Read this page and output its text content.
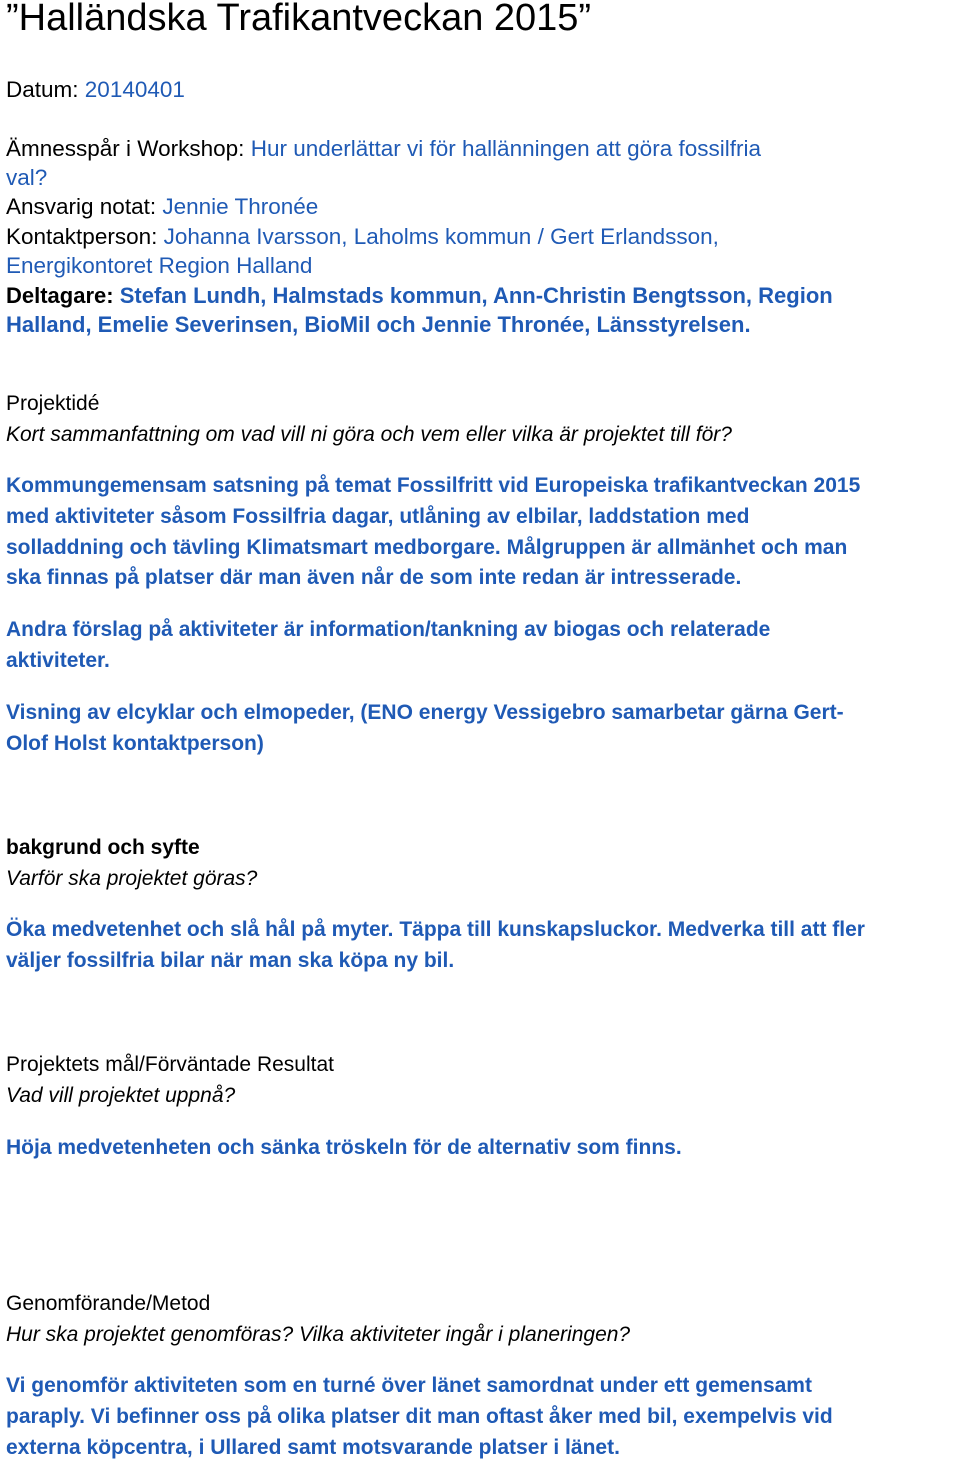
”Halländska Trafikantveckan 2015”
Datum: 20140401
Ämnesspår i Workshop: Hur underlättar vi för hallänningen att göra fossilfria
val?
Ansvarig notat: Jennie Thronée
Kontaktperson: Johanna Ivarsson, Laholms kommun / Gert Erlandsson,
Energikontoret Region Halland
Deltagare: Stefan Lundh, Halmstads kommun, Ann-Christin Bengtsson, Region
Halland, Emelie Severinsen, BioMil och Jennie Thronée, Länsstyrelsen.
Projektidé
Kort sammanfattning om vad vill ni göra och vem eller vilka är projektet till för?
Kommungemensam satsning på temat Fossilfritt vid Europeiska trafikantveckan 2015
med aktiviteter såsom Fossilfria dagar, utlåning av elbilar, laddstation med
solladdning och tävling Klimatsmart medborgare. Målgruppen är allmänhet och man
ska finnas på platser där man även når de som inte redan är intresserade.
Andra förslag på aktiviteter är information/tankning av biogas och relaterade
aktiviteter.
Visning av elcyklar och elmopeder, (ENO energy Vessigebro samarbetar gärna Gert-
Olof Holst kontaktperson)
bakgrund och syfte
Varför ska projektet göras?
Öka medvetenhet och slå hål på myter. Täppa till kunskapsluckor. Medverka till att fler
väljer fossilfria bilar när man ska köpa ny bil.
Projektets mål/Förväntade Resultat
Vad vill projektet uppnå?
Höja medvetenheten och sänka tröskeln för de alternativ som finns.
Genomförande/Metod
Hur ska projektet genomföras? Vilka aktiviteter ingår i planeringen?
Vi genomför aktiviteten som en turné över länet samordnat under ett gemensamt
paraply. Vi befinner oss på olika platser dit man oftast åker med bil, exempelvis vid
externa köpcentra, i Ullared samt motsvarande platser i länet.
